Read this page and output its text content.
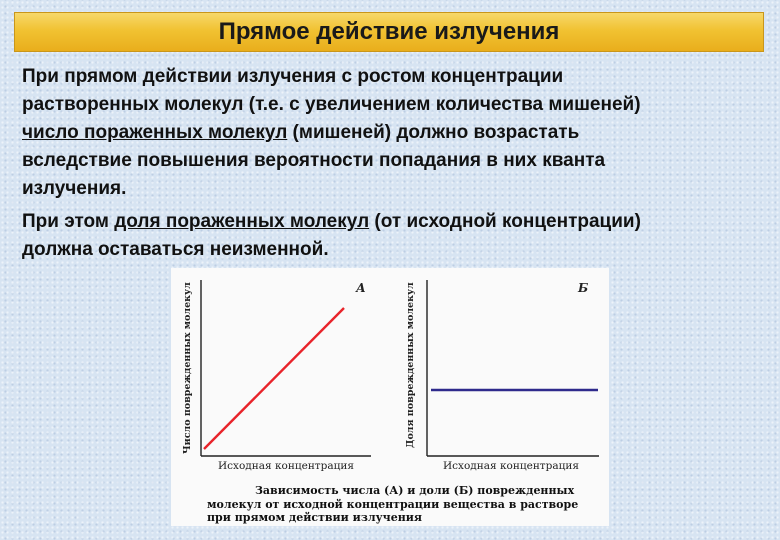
Прямое действие излучения
При прямом действии излучения с ростом концентрации
растворенных молекул (т.е. с увеличением количества мишеней)
число пораженных молекул (мишеней) должно возрастать
вследствие повышения вероятности попадания в них кванта
излучения.
При этом доля пораженных молекул (от исходной концентрации)
должна оставаться неизменной.
Число поврежденных молекул	А
Исходная концентрация
Доля поврежденных молекул	Б
Исходная концентрация
Зависимость числа (А) и доли (Б) поврежденных
молекул от исходной концентрации вещества в растворе
при прямом действии излучения
